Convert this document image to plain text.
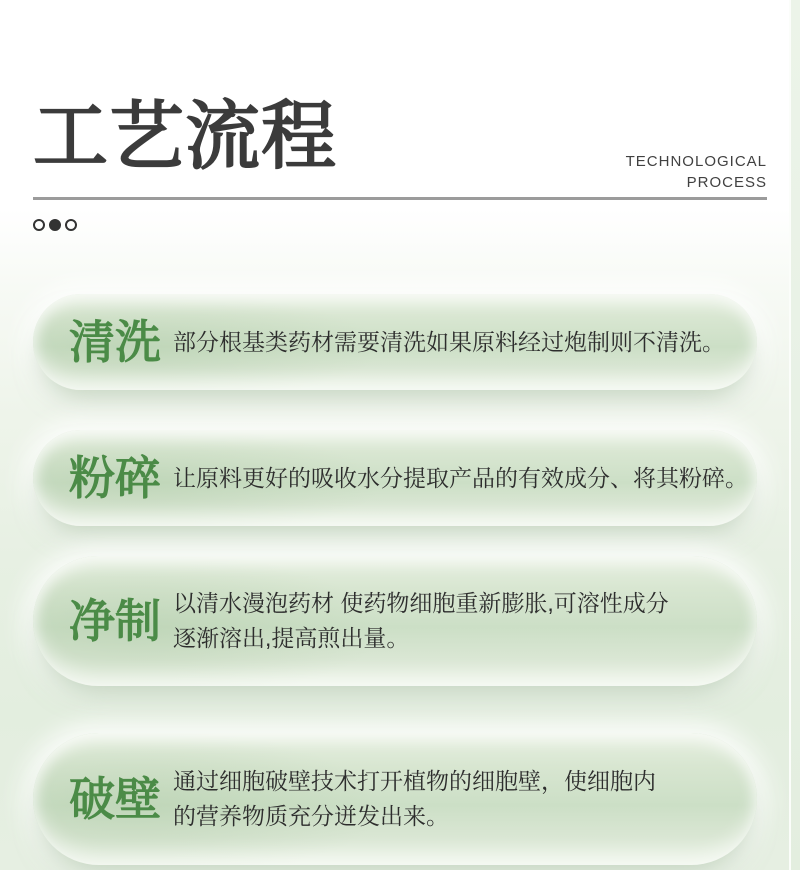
工艺流程	TECHNOLOGICAL
PROCESS
清洗 部分根基类药材需要清洗如果原料经过炮制则不清洗。
粉碎 让原料更好的吸收水分提取产品的有效成分、将其粉碎。
净制 以清水漫泡药材 使药物细胞重新膨胀,可溶性成分
逐渐溶出,提高煎出量。
破壁 通过细胞破壁技术打开植物的细胞壁，使细胞内
的营养物质充分迸发出来。
